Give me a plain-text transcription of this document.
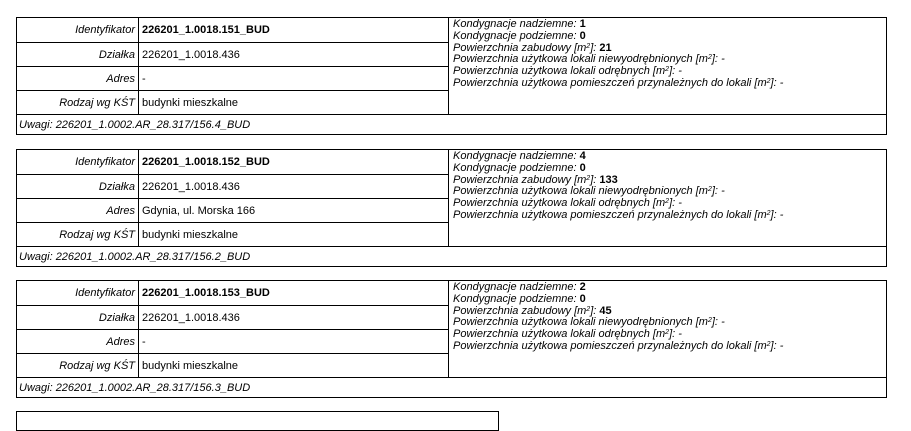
Identyfikator 226201_1.0018.151_BUD
Działka 226201_1.0018.436
Adres -
Rodzaj wg KŚT budynki mieszkalne
Kondygnacje nadziemne: 1
Kondygnacje podziemne: 0
Powierzchnia zabudowy $[m^2]$: 21
Powierzchnia użytkowa lokali niewyodrębnionych $[m^2]$: -
Powierzchnia użytkowa lokali odrębnych $[m^2]$: -
Powierzchnia użytkowa pomieszczeń przynależnych do lokali $[m^2]$: -
Uwagi:
226201_1.0002.AR_28.317/156.4_BUD
Identyfikator 226201_1.0018.152_BUD
Działka 226201_1.0018.436
Adres Gdynia, ul. Morska 166
Rodzaj wg KŚT budynki mieszkalne
Kondygnacje nadziemne: 4
Kondygnacje podziemne: 0
Powierzchnia zabudowy $[m^2]$: 133
Powierzchnia użytkowa lokali niewyodrębnionych $[m^2]$: -
Powierzchnia użytkowa lokali odrębnych $[m^2]$: -
Powierzchnia użytkowa pomieszczeń przynależnych do lokali $[m^2]$: -
Uwagi:
226201_1.0002.AR_28.317/156.2_BUD
Identyfikator 226201_1.0018.153_BUD
Działka 226201_1.0018.436
Adres -
Rodzaj wg KŚT budynki mieszkalne
Kondygnacje nadziemne: 2
Kondygnacje podziemne: 0
Powierzchnia zabudowy $[m^2]$: 45
Powierzchnia użytkowa lokali niewyodrębnionych $[m^2]$: -
Powierzchnia użytkowa lokali odrębnych $[m^2]$: -
Powierzchnia użytkowa pomieszczeń przynależnych do lokali $[m^2]$: -
Uwagi:
226201_1.0002.AR_28.317/156.3_BUD
